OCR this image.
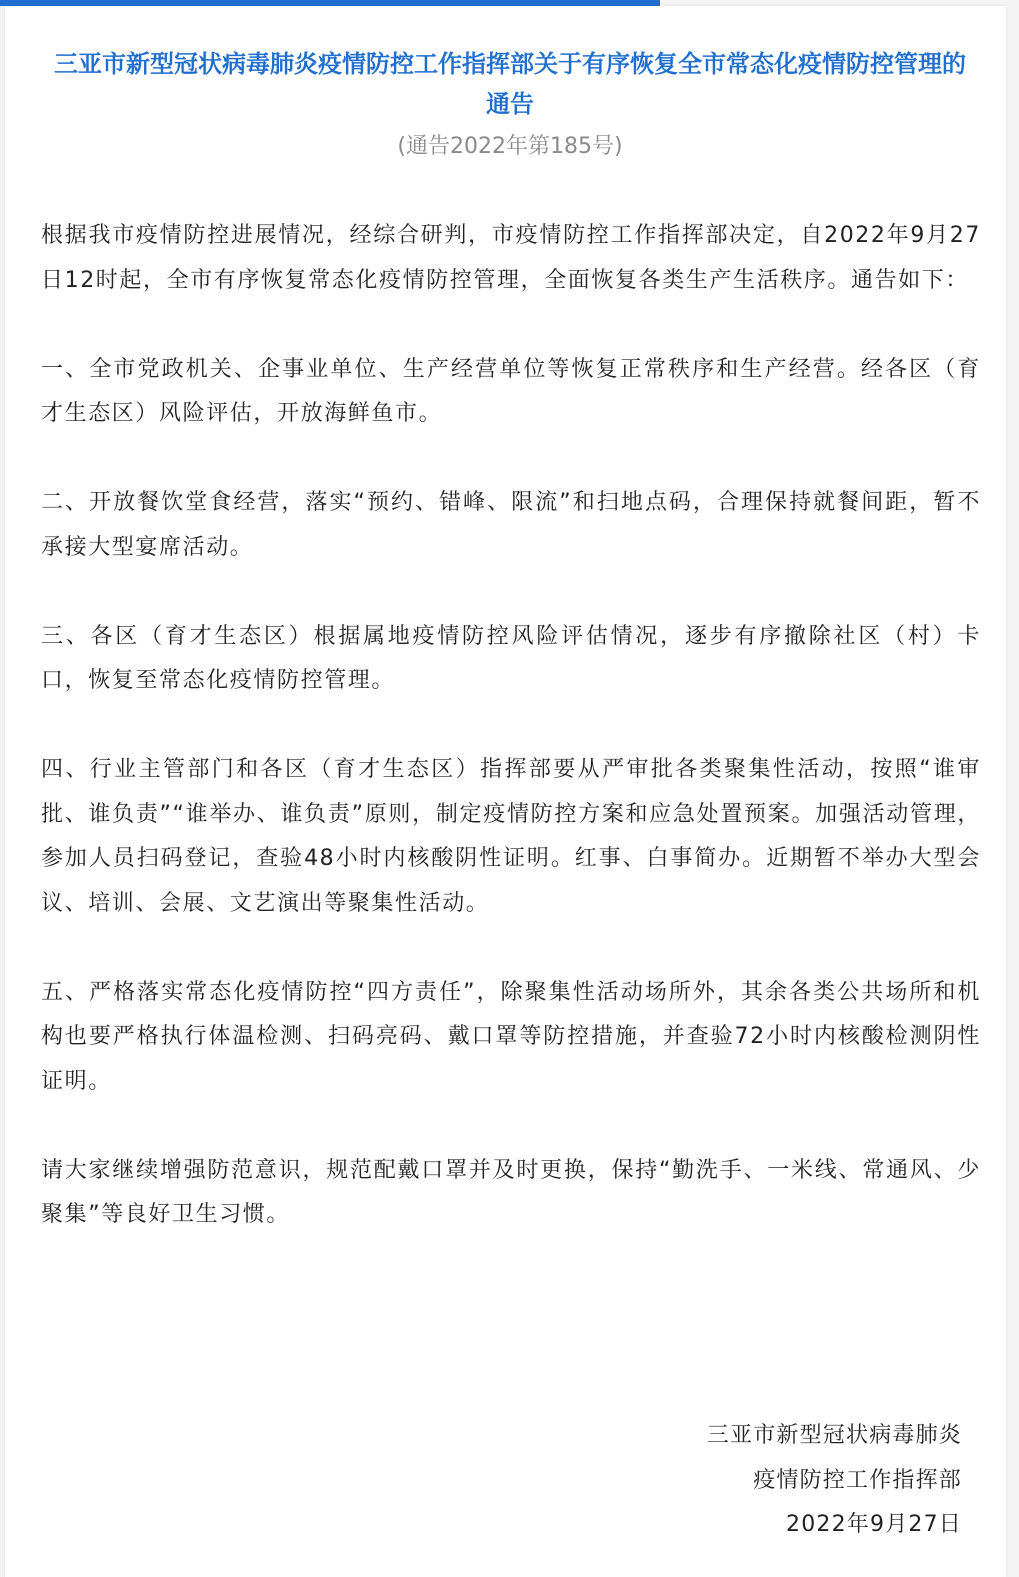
三亚市新型冠状病毒肺炎疫情防控工作指挥部关于有序恢复全市常态化疫情防控管理的通告
(通告2022年第185号)

根据我市疫情防控进展情况，经综合研判，市疫情防控工作指挥部决定，自2022年9月27日12时起，全市有序恢复常态化疫情防控管理，全面恢复各类生产生活秩序。通告如下：

一、全市党政机关、企事业单位、生产经营单位等恢复正常秩序和生产经营。经各区（育才生态区）风险评估，开放海鲜鱼市。

二、开放餐饮堂食经营，落实“预约、错峰、限流”和扫地点码，合理保持就餐间距，暂不承接大型宴席活动。

三、各区（育才生态区）根据属地疫情防控风险评估情况，逐步有序撤除社区（村）卡口，恢复至常态化疫情防控管理。

四、行业主管部门和各区（育才生态区）指挥部要从严审批各类聚集性活动，按照“谁审批、谁负责”“谁举办、谁负责”原则，制定疫情防控方案和应急处置预案。加强活动管理，参加人员扫码登记，查验48小时内核酸阴性证明。红事、白事简办。近期暂不举办大型会议、培训、会展、文艺演出等聚集性活动。

五、严格落实常态化疫情防控“四方责任”，除聚集性活动场所外，其余各类公共场所和机构也要严格执行体温检测、扫码亮码、戴口罩等防控措施，并查验72小时内核酸检测阴性证明。

请大家继续增强防范意识，规范配戴口罩并及时更换，保持“勤洗手、一米线、常通风、少聚集”等良好卫生习惯。

三亚市新型冠状病毒肺炎
疫情防控工作指挥部
2022年9月27日
